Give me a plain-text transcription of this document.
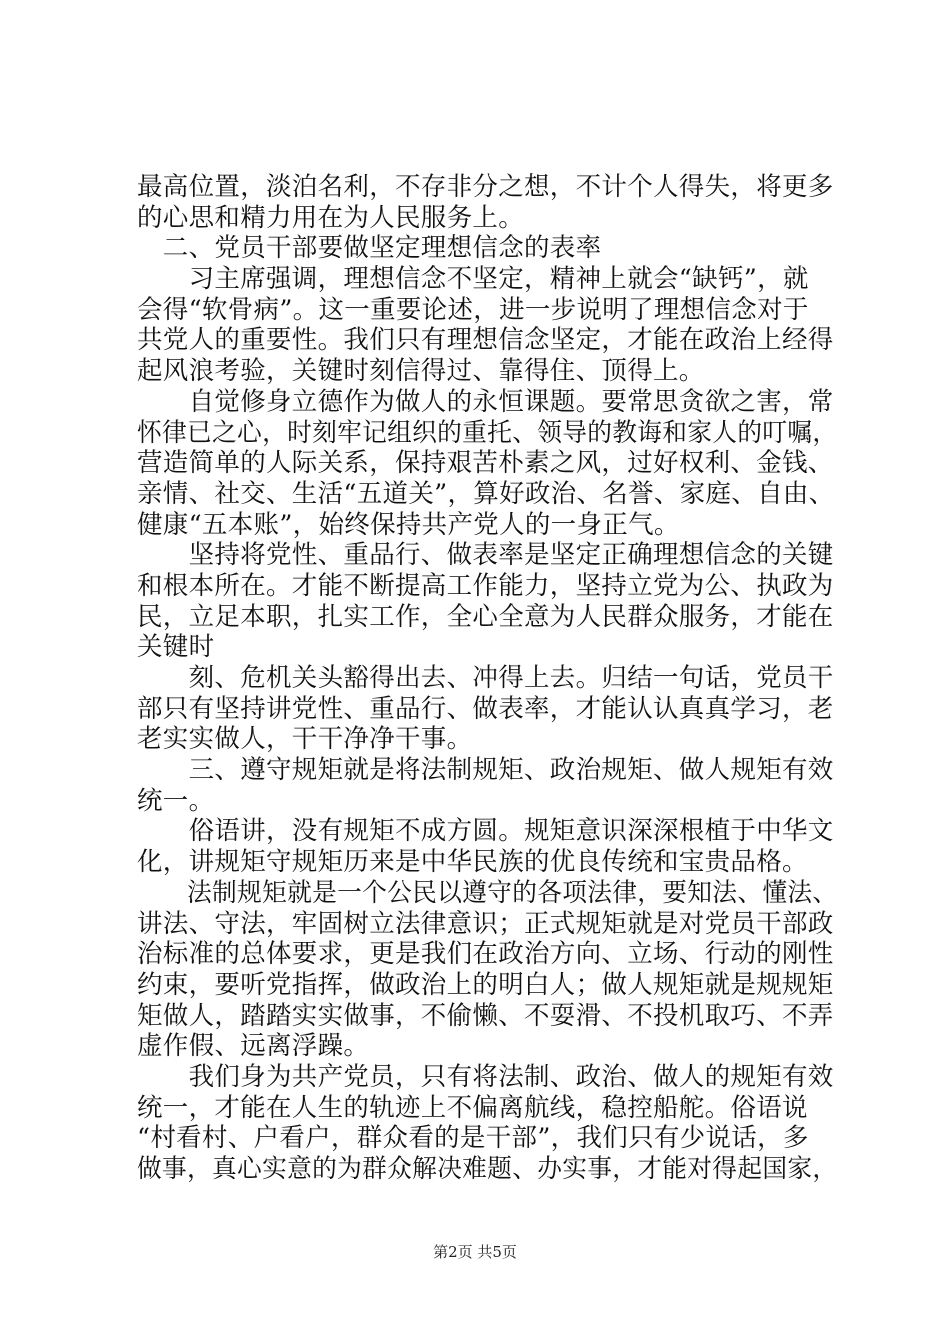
最高位置，淡泊名利，不存非分之想，不计个人得失，将更多
的心思和精力用在为人民服务上。
　二、党员干部要做坚定理想信念的表率
　　习主席强调，理想信念不坚定，精神上就会“缺钙”，就
会得“软骨病”。这一重要论述，进一步说明了理想信念对于
共党人的重要性。我们只有理想信念坚定，才能在政治上经得
起风浪考验，关键时刻信得过、靠得住、顶得上。
　　自觉修身立德作为做人的永恒课题。要常思贪欲之害，常
怀律已之心，时刻牢记组织的重托、领导的教诲和家人的叮嘱，
营造简单的人际关系，保持艰苦朴素之风，过好权利、金钱、
亲情、社交、生活“五道关”，算好政治、名誉、家庭、自由、
健康“五本账”，始终保持共产党人的一身正气。
　　坚持将党性、重品行、做表率是坚定正确理想信念的关键
和根本所在。才能不断提高工作能力，坚持立党为公、执政为
民，立足本职，扎实工作，全心全意为人民群众服务，才能在
关键时
　　刻、危机关头豁得出去、冲得上去。归结一句话，党员干
部只有坚持讲党性、重品行、做表率，才能认认真真学习，老
老实实做人，干干净净干事。
　　三、遵守规矩就是将法制规矩、政治规矩、做人规矩有效
统一。
　　俗语讲，没有规矩不成方圆。规矩意识深深根植于中华文
化，讲规矩守规矩历来是中华民族的优良传统和宝贵品格。
　　法制规矩就是一个公民以遵守的各项法律，要知法、懂法、
讲法、守法，牢固树立法律意识；正式规矩就是对党员干部政
治标准的总体要求，更是我们在政治方向、立场、行动的刚性
约束，要听党指挥，做政治上的明白人；做人规矩就是规规矩
矩做人，踏踏实实做事，不偷懒、不耍滑、不投机取巧、不弄
虚作假、远离浮躁。
　　我们身为共产党员，只有将法制、政治、做人的规矩有效
统一，才能在人生的轨迹上不偏离航线，稳控船舵。俗语说
“村看村、户看户，群众看的是干部”，我们只有少说话，多
做事，真心实意的为群众解决难题、办实事，才能对得起国家，
第2页 共5页
